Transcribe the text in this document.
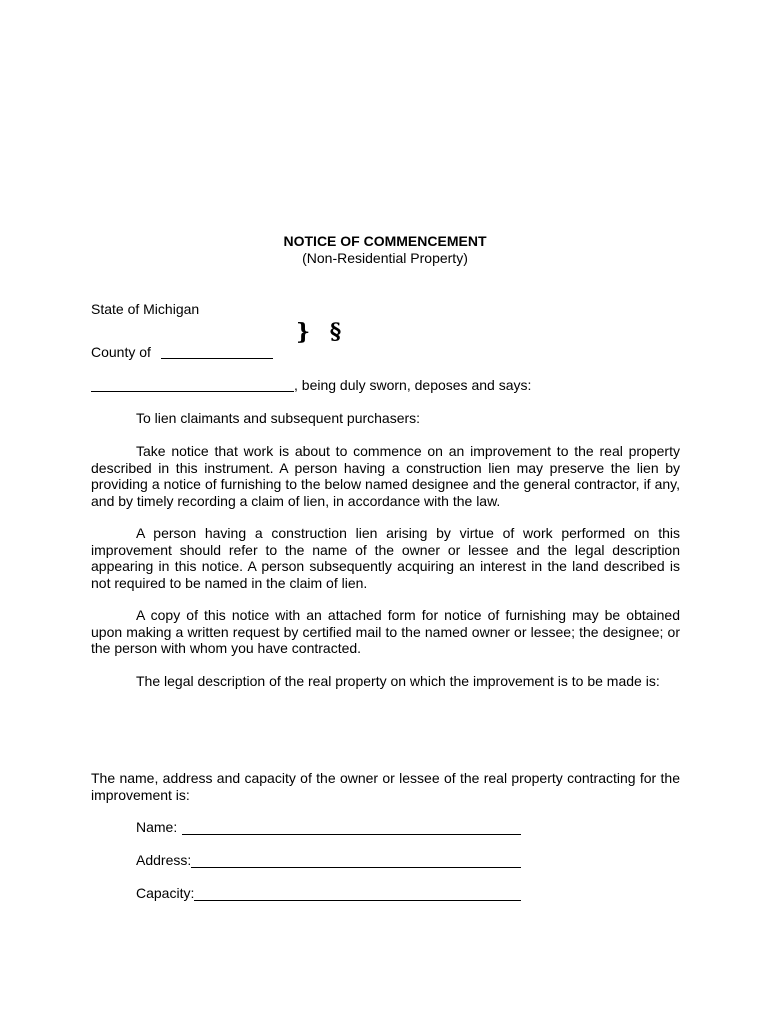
NOTICE OF COMMENCEMENT
(Non-Residential Property)
State of Michigan
} §
County of
, being duly sworn, deposes and says:
To lien claimants and subsequent purchasers:
Take notice that work is about to commence on an improvement to the real property described in this instrument. A person having a construction lien may preserve the lien by providing a notice of furnishing to the below named designee and the general contractor, if any, and by timely recording a claim of lien, in accordance with the law.
A person having a construction lien arising by virtue of work performed on this improvement should refer to the name of the owner or lessee and the legal description appearing in this notice. A person subsequently acquiring an interest in the land described is not required to be named in the claim of lien.
A copy of this notice with an attached form for notice of furnishing may be obtained upon making a written request by certified mail to the named owner or lessee; the designee; or the person with whom you have contracted.
The legal description of the real property on which the improvement is to be made is:
The name, address and capacity of the owner or lessee of the real property contracting for the improvement is:
Name:
Address:
Capacity:
